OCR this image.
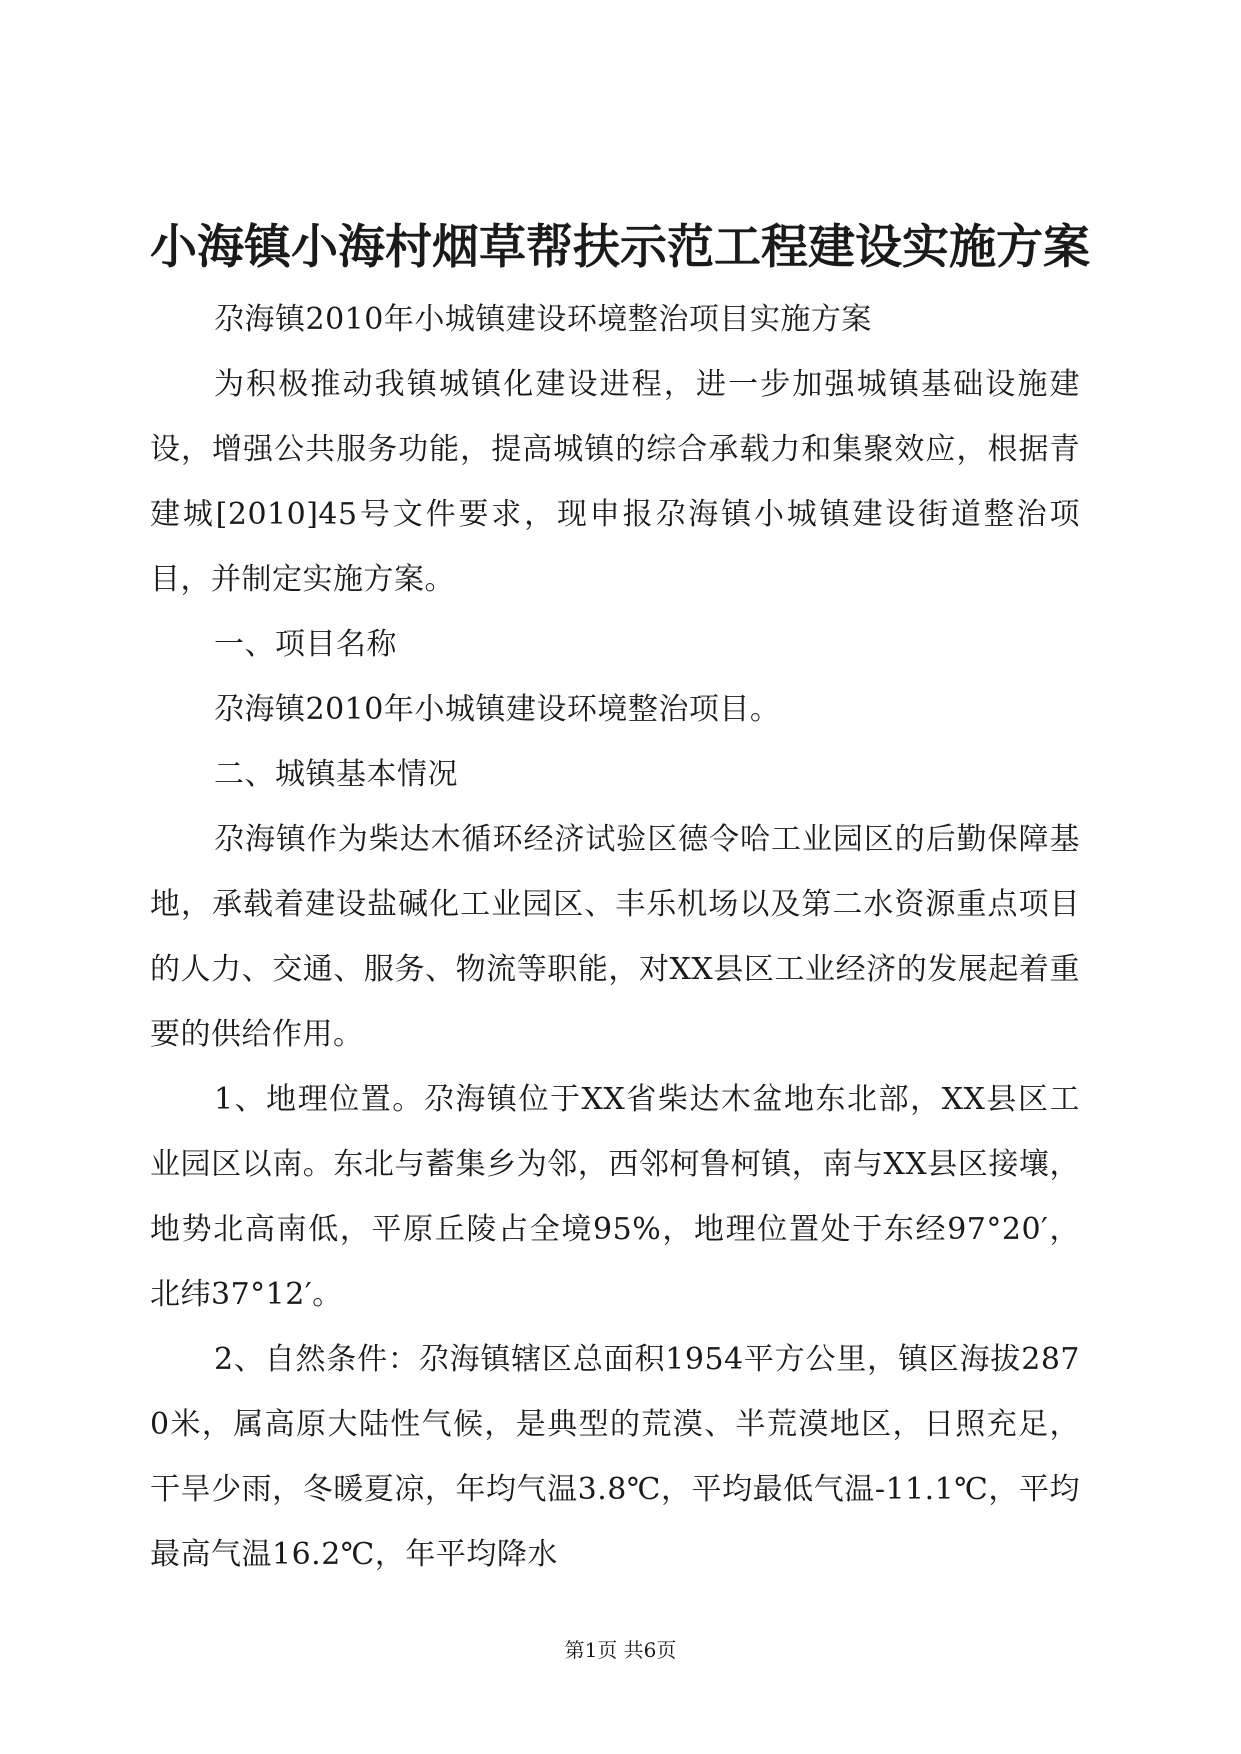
小海镇小海村烟草帮扶示范工程建设实施方案

尕海镇2010年小城镇建设环境整治项目实施方案

为积极推动我镇城镇化建设进程，进一步加强城镇基础设施建设，增强公共服务功能，提高城镇的综合承载力和集聚效应，根据青建城[2010]45号文件要求，现申报尕海镇小城镇建设街道整治项目，并制定实施方案。

一、项目名称

尕海镇2010年小城镇建设环境整治项目。

二、城镇基本情况

尕海镇作为柴达木循环经济试验区德令哈工业园区的后勤保障基地，承载着建设盐碱化工业园区、丰乐机场以及第二水资源重点项目的人力、交通、服务、物流等职能，对XX县区工业经济的发展起着重要的供给作用。

1、地理位置。尕海镇位于XX省柴达木盆地东北部，XX县区工业园区以南。东北与蓄集乡为邻，西邻柯鲁柯镇，南与XX县区接壤，地势北高南低，平原丘陵占全境95%，地理位置处于东经97°20′，北纬37°12′。

2、自然条件：尕海镇辖区总面积1954平方公里，镇区海拔2870米，属高原大陆性气候，是典型的荒漠、半荒漠地区，日照充足，干旱少雨，冬暖夏凉，年均气温3.8℃，平均最低气温-11.1℃，平均最高气温16.2℃，年平均降水

第1页 共6页
